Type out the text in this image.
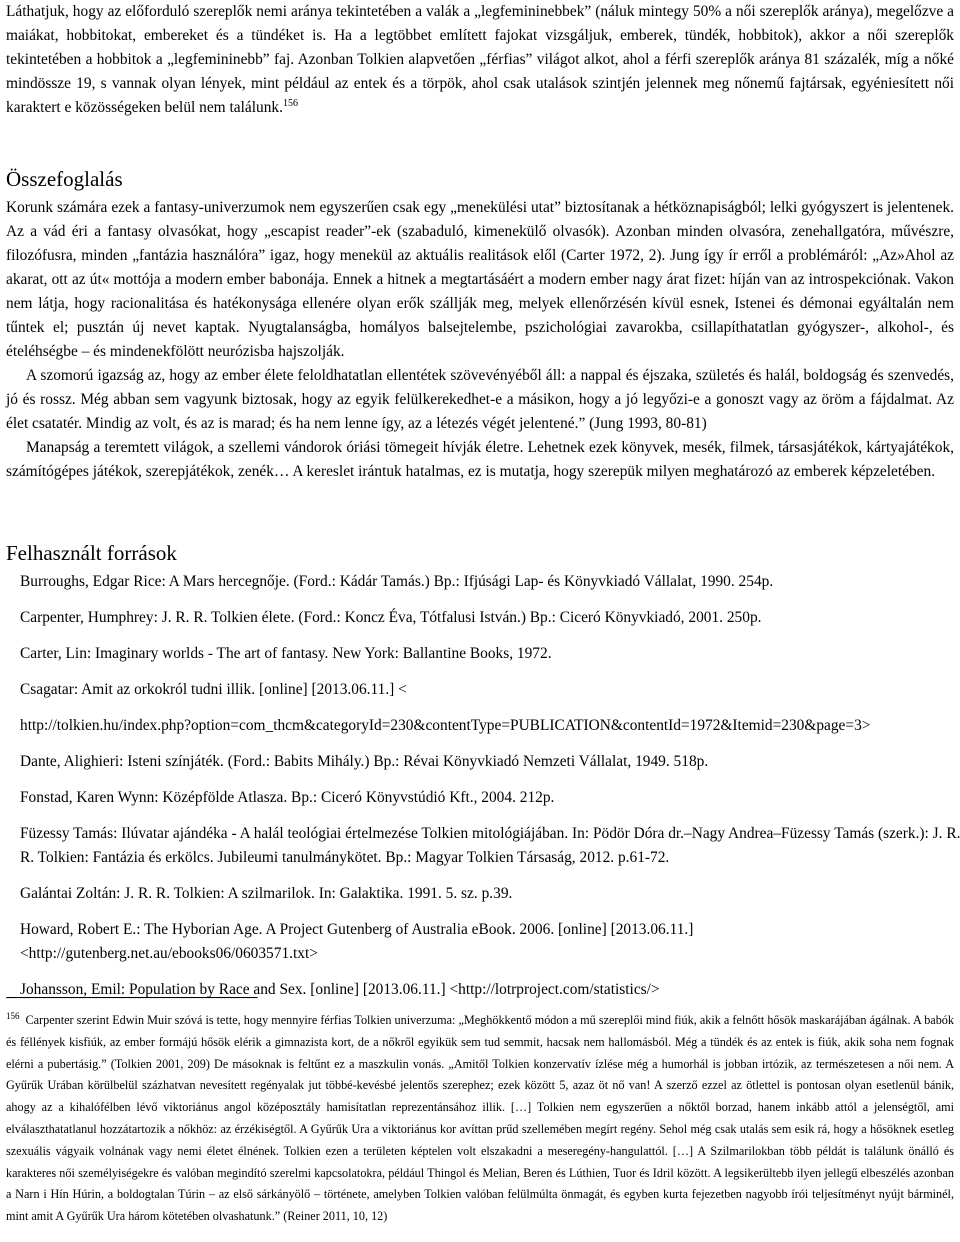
Láthatjuk, hogy az előforduló szereplők nemi aránya tekintetében a valák a „legfemininebbek” (náluk mintegy 50% a női szereplők aránya), megelőzve a maiákat, hobbitokat, embereket és a tündéket is. Ha a legtöbbet említett fajokat vizsgáljuk, emberek, tündék, hobbitok), akkor a női szereplők tekintetében a hobbitok a „legfemininebb” faj. Azonban Tolkien alapvetően „férfias” világot alkot, ahol a férfi szereplők aránya 81 százalék, míg a nőké mindössze 19, s vannak olyan lények, mint például az entek és a törpök, ahol csak utalások szintjén jelennek meg nőnemű fajtársak, egyéniesített női karaktert e közösségeken belül nem találunk.$^{156}$

Összefoglalás

Korunk számára ezek a fantasy-univerzumok nem egyszerűen csak egy „menekülési utat” biztosítanak a hétköznapiságból; lelki gyógyszert is jelentenek. Az a vád éri a fantasy olvasókat, hogy „escapist reader”-ek (szabaduló, kimenekülő olvasók). Azonban minden olvasóra, zenehallgatóra, művészre, filozófusra, minden „fantázia használóra” igaz, hogy menekül az aktuális realitások elől (Carter 1972, 2). Jung így ír erről a problémáról: „Az»Ahol az akarat, ott az út« mottója a modern ember babonája. Ennek a hitnek a megtartásáért a modern ember nagy árat fizet: híján van az introspekciónak. Vakon nem látja, hogy racionalitása és hatékonysága ellenére olyan erők szállják meg, melyek ellenőrzésén kívül esnek, Istenei és démonai egyáltalán nem tűntek el; pusztán új nevet kaptak. Nyugtalanságba, homályos balsejtelembe, pszichológiai zavarokba, csillapíthatatlan gyógyszer-, alkohol-, és ételéhségbe – és mindenekfölött neurózisba hajszolják.

A szomorú igazság az, hogy az ember élete feloldhatatlan ellentétek szövevényéből áll: a nappal és éjszaka, születés és halál, boldogság és szenvedés, jó és rossz. Még abban sem vagyunk biztosak, hogy az egyik felülkerekedhet-e a másikon, hogy a jó legyőzi-e a gonoszt vagy az öröm a fájdalmat. Az élet csatatér. Mindig az volt, és az is marad; és ha nem lenne így, az a létezés végét jelentené.” (Jung 1993, 80-81)

Manapság a teremtett világok, a szellemi vándorok óriási tömegeit hívják életre. Lehetnek ezek könyvek, mesék, filmek, társasjátékok, kártyajátékok, számítógépes játékok, szerepjátékok, zenék… A kereslet irántuk hatalmas, ez is mutatja, hogy szerepük milyen meghatározó az emberek képzeletében.

Felhasznált források

Burroughs, Edgar Rice: A Mars hercegnője. (Ford.: Kádár Tamás.) Bp.: Ifjúsági Lap- és Könyvkiadó Vállalat, 1990. 254p.

Carpenter, Humphrey: J. R. R. Tolkien élete. (Ford.: Koncz Éva, Tótfalusi István.) Bp.: Ciceró Könyvkiadó, 2001. 250p.

Carter, Lin: Imaginary worlds - The art of fantasy. New York: Ballantine Books, 1972.

Csagatar: Amit az orkokról tudni illik. [online] [2013.06.11.] <

http://tolkien.hu/index.php?option=com_thcm&categoryId=230&contentType=PUBLICATION&contentId=1972&Itemid=230&page=3>

Dante, Alighieri: Isteni színjáték. (Ford.: Babits Mihály.) Bp.: Révai Könyvkiadó Nemzeti Vállalat, 1949. 518p.

Fonstad, Karen Wynn: Középfölde Atlasza. Bp.: Ciceró Könyvstúdió Kft., 2004. 212p.

Füzessy Tamás: Ilúvatar ajándéka - A halál teológiai értelmezése Tolkien mitológiájában. In: Pödör Dóra dr.–Nagy Andrea–Füzessy Tamás (szerk.): J. R. R. Tolkien: Fantázia és erkölcs. Jubileumi tanulmánykötet. Bp.: Magyar Tolkien Társaság, 2012. p.61-72.

Galántai Zoltán: J. R. R. Tolkien: A szilmarilok. In: Galaktika. 1991. 5. sz. p.39.

Howard, Robert E.: The Hyborian Age. A Project Gutenberg of Australia eBook. 2006. [online] [2013.06.11.] <http://gutenberg.net.au/ebooks06/0603571.txt>

Johansson, Emil: Population by Race and Sex. [online] [2013.06.11.] <http://lotrproject.com/statistics/>

$^{156}$ Carpenter szerint Edwin Muir szóvá is tette, hogy mennyire férfias Tolkien univerzuma: „Meghökkentő módon a mű szereplői mind fiúk, akik a felnőtt hősök maskarájában ágálnak. A babók és féllények kisfiúk, az ember formájú hősök elérik a gimnazista kort, de a nőkről egyikük sem tud semmit, hacsak nem hallomásból. Még a tündék és az entek is fiúk, akik soha nem fognak elérni a pubertásig.” (Tolkien 2001, 209) De másoknak is feltűnt ez a maszkulin vonás. „Amitől Tolkien konzervatív ízlése még a humorhál is jobban irtózik, az természetesen a női nem. A Gyűrűk Urában körülbelül százhatvan nevesített regényalak jut többé-kevésbé jelentős szerephez; ezek között 5, azaz öt nő van! A szerző ezzel az ötlettel is pontosan olyan esetlenül bánik, ahogy az a kihalófélben lévő viktoriánus angol középosztály hamisítatlan reprezentánsához illik. […] Tolkien nem egyszerűen a nőktől borzad, hanem inkább attól a jelenségtől, ami elválaszthatatlanul hozzátartozik a nőkhöz: az érzékiségtől. A Gyűrűk Ura a viktoriánus kor avíttan prűd szellemében megírt regény. Sehol még csak utalás sem esik rá, hogy a hősöknek esetleg szexuális vágyaik volnának vagy nemi életet élnének. Tolkien ezen a területen képtelen volt elszakadni a meseregény-hangulattól. […] A Szilmarilokban több példát is találunk önálló és karakteres női személyiségekre és valóban megindító szerelmi kapcsolatokra, például Thingol és Melian, Beren és Lúthien, Tuor és Idril között. A legsikerültebb ilyen jellegű elbeszélés azonban a Narn i Hín Húrin, a boldogtalan Túrin – az első sárkányölő – története, amelyben Tolkien valóban felülmúlta önmagát, és egyben kurta fejezetben nagyobb írói teljesítményt nyújt bárminél, mint amit A Gyűrűk Ura három kötetében olvashatunk.” (Reiner 2011, 10, 12)
